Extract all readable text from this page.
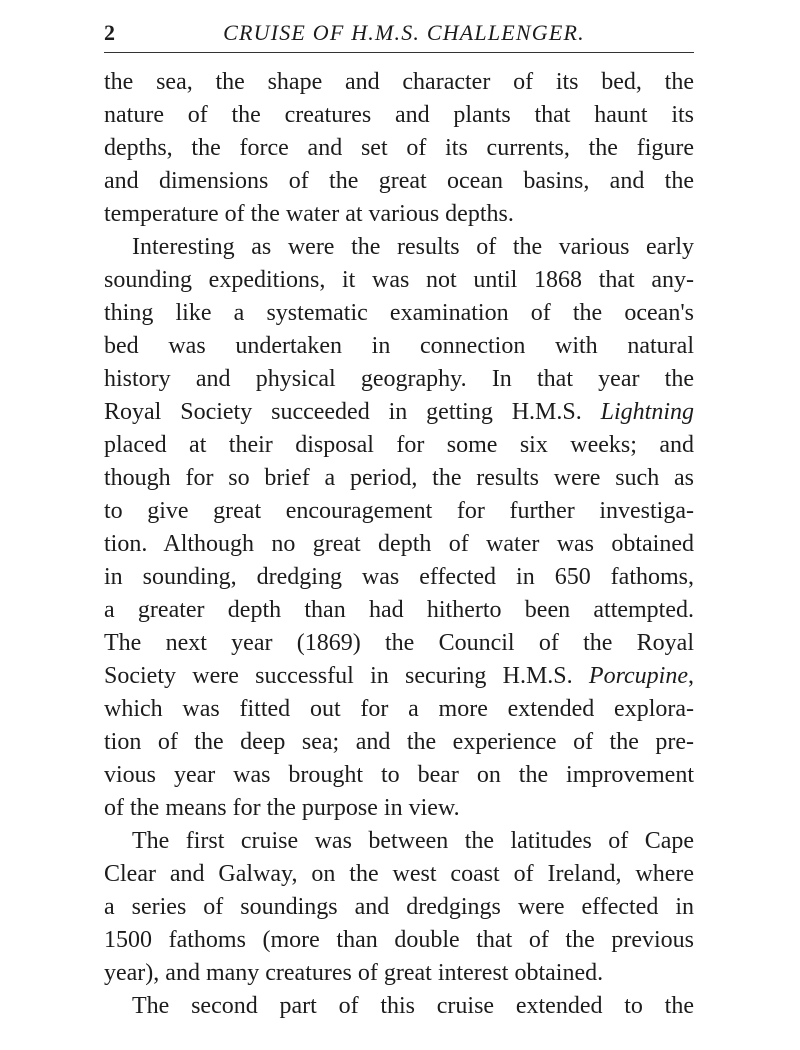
2	CRUISE OF H.M.S. CHALLENGER.
the sea, the shape and character of its bed, the
nature of the creatures and plants that haunt its
depths, the force and set of its currents, the figure
and dimensions of the great ocean basins, and the
temperature of the water at various depths.
Interesting as were the results of the various early
sounding expeditions, it was not until 1868 that any-
thing like a systematic examination of the ocean's
bed was undertaken in connection with natural
history and physical geography. In that year the
Royal Society succeeded in getting H.M.S. Lightning
placed at their disposal for some six weeks; and
though for so brief a period, the results were such as
to give great encouragement for further investiga-
tion. Although no great depth of water was obtained
in sounding, dredging was effected in 650 fathoms,
a greater depth than had hitherto been attempted.
The next year (1869) the Council of the Royal
Society were successful in securing H.M.S. Porcupine,
which was fitted out for a more extended explora-
tion of the deep sea; and the experience of the pre-
vious year was brought to bear on the improvement
of the means for the purpose in view.
The first cruise was between the latitudes of Cape
Clear and Galway, on the west coast of Ireland, where
a series of soundings and dredgings were effected in
1500 fathoms (more than double that of the previous
year), and many creatures of great interest obtained.
The second part of this cruise extended to the
